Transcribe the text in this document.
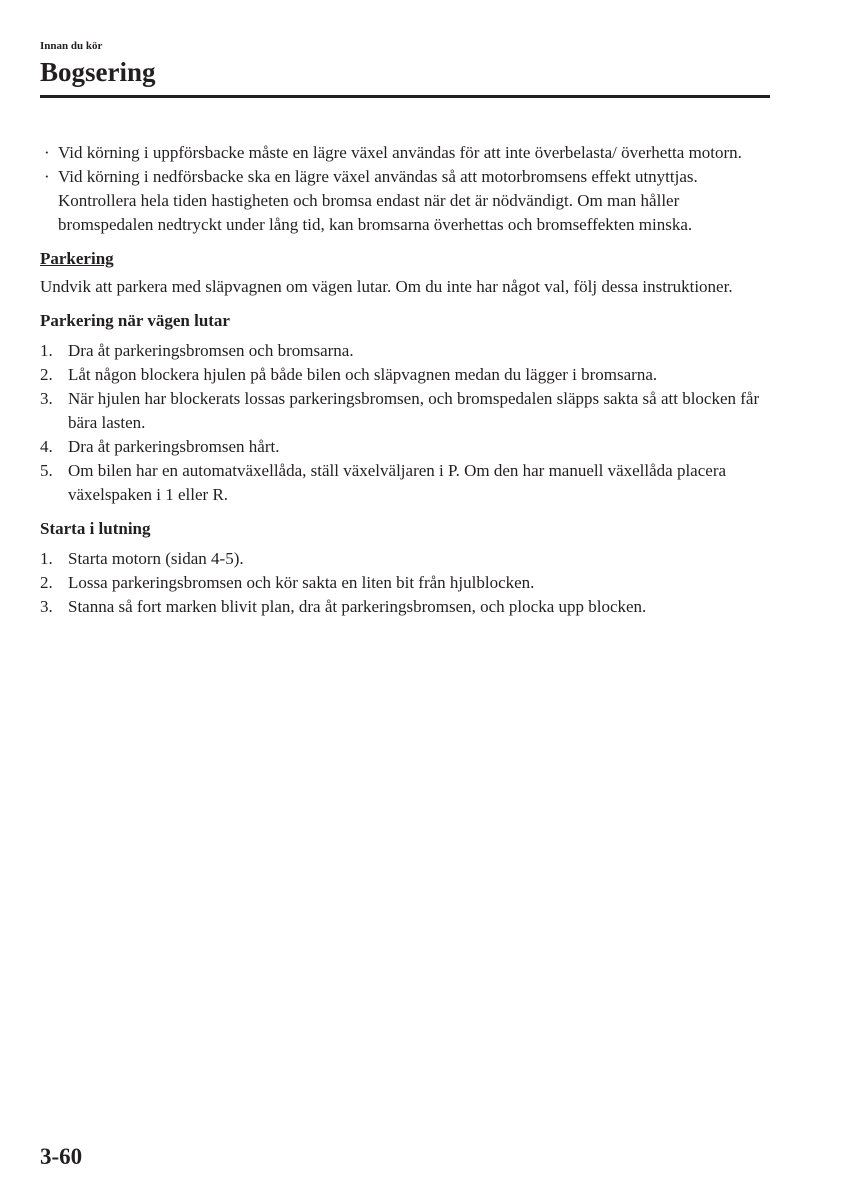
Innan du kör
Bogsering
· Vid körning i uppförsbacke måste en lägre växel användas för att inte överbelasta/ överhetta motorn.
· Vid körning i nedförsbacke ska en lägre växel användas så att motorbromsens effekt utnyttjas. Kontrollera hela tiden hastigheten och bromsa endast när det är nödvändigt. Om man håller bromspedalen nedtryckt under lång tid, kan bromsarna överhettas och bromseffekten minska.
Parkering
Undvik att parkera med släpvagnen om vägen lutar. Om du inte har något val, följ dessa instruktioner.
Parkering när vägen lutar
1. Dra åt parkeringsbromsen och bromsarna.
2. Låt någon blockera hjulen på både bilen och släpvagnen medan du lägger i bromsarna.
3. När hjulen har blockerats lossas parkeringsbromsen, och bromspedalen släpps sakta så att blocken får bära lasten.
4. Dra åt parkeringsbromsen hårt.
5. Om bilen har en automatväxellåda, ställ växelväljaren i P. Om den har manuell växellåda placera växelspaken i 1 eller R.
Starta i lutning
1. Starta motorn (sidan 4-5).
2. Lossa parkeringsbromsen och kör sakta en liten bit från hjulblocken.
3. Stanna så fort marken blivit plan, dra åt parkeringsbromsen, och plocka upp blocken.
3-60
